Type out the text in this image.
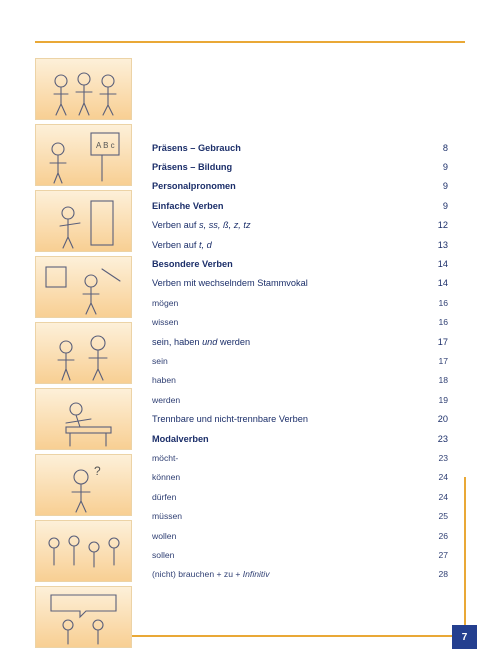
7
A B c
?
Präsens – Gebrauch	8
Präsens – Bildung	9
Personalpronomen	9
Einfache Verben	9
Verben auf s, ss, ß, z, tz	12
Verben auf t, d	13
Besondere Verben	14
Verben mit wechselndem Stammvokal	14
mögen	16
wissen	16
sein, haben und werden	17
sein	17
haben	18
werden	19
Trennbare und nicht-trennbare Verben	20
Modalverben	23
möcht-	23
können	24
dürfen	24
müssen	25
wollen	26
sollen	27
(nicht) brauchen + zu + Infinitiv	28
